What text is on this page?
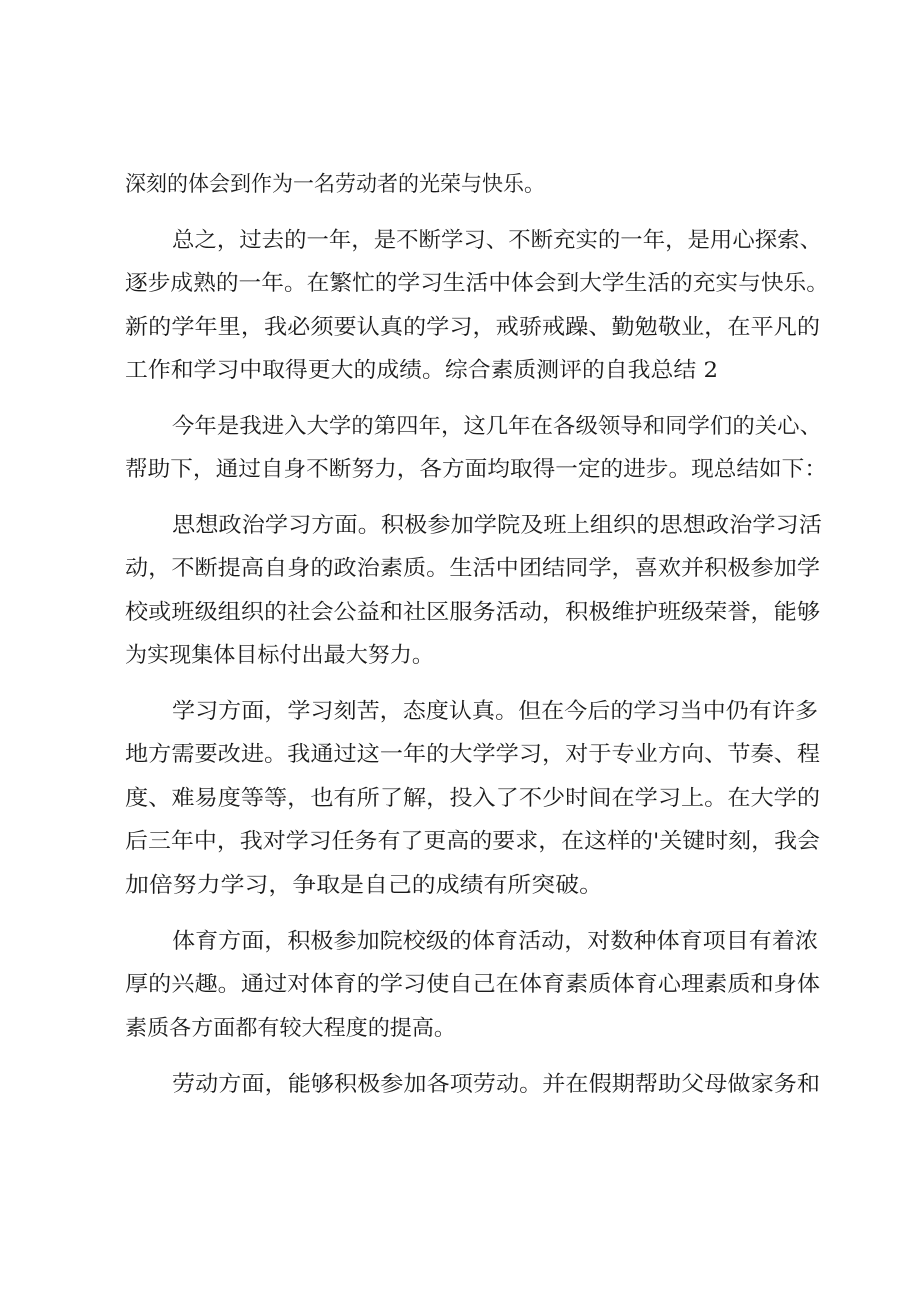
深刻的体会到作为一名劳动者的光荣与快乐。
总之，过去的一年，是不断学习、不断充实的一年，是用心探索、
逐步成熟的一年。在繁忙的学习生活中体会到大学生活的充实与快乐。
新的学年里，我必须要认真的学习，戒骄戒躁、勤勉敬业，在平凡的
工作和学习中取得更大的成绩。综合素质测评的自我总结 2
今年是我进入大学的第四年，这几年在各级领导和同学们的关心、
帮助下，通过自身不断努力，各方面均取得一定的进步。现总结如下：
思想政治学习方面。积极参加学院及班上组织的思想政治学习活
动，不断提高自身的政治素质。生活中团结同学，喜欢并积极参加学
校或班级组织的社会公益和社区服务活动，积极维护班级荣誉，能够
为实现集体目标付出最大努力。
学习方面，学习刻苦，态度认真。但在今后的学习当中仍有许多
地方需要改进。我通过这一年的大学学习，对于专业方向、节奏、程
度、难易度等等，也有所了解，投入了不少时间在学习上。在大学的
后三年中，我对学习任务有了更高的要求，在这样的'关键时刻，我会
加倍努力学习，争取是自己的成绩有所突破。
体育方面，积极参加院校级的体育活动，对数种体育项目有着浓
厚的兴趣。通过对体育的学习使自己在体育素质体育心理素质和身体
素质各方面都有较大程度的提高。
劳动方面，能够积极参加各项劳动。并在假期帮助父母做家务和
